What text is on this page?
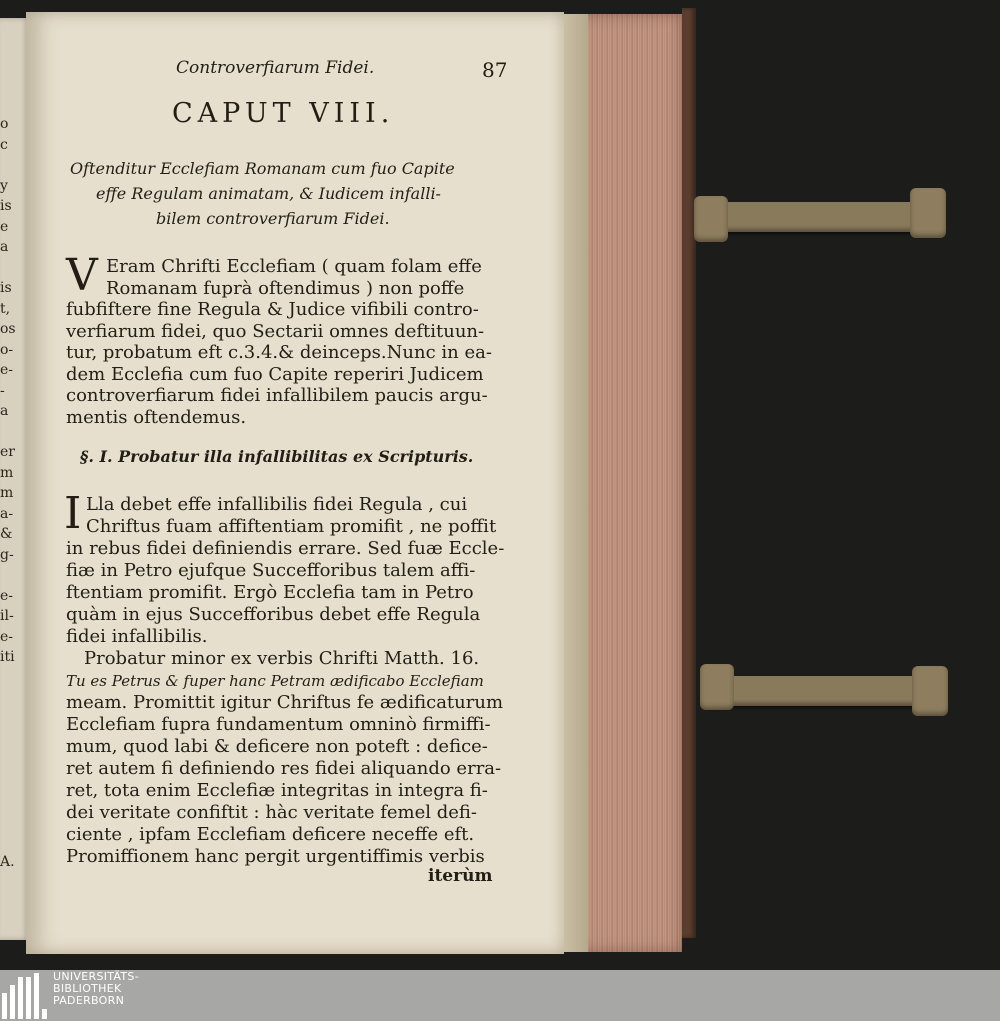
o
c
y
is
e
a
is
t,
os
o-
e-
-
a
er
m
m
a-
&
g-
e-
il-
e-
iti
A.
Controverfiarum Fidei.	87
CAPUT VIII.
Oftenditur Ecclefiam Romanam cum fuo Capite
effe Regulam animatam, & Iudicem infalli-
bilem controverfiarum Fidei.
V Eram Chrifti Ecclefiam ( quam folam effe
Romanam fuprà oftendimus ) non poffe
fubfiftere fine Regula & Judice vifibili contro-
verfiarum fidei, quo Sectarii omnes deftituun-
tur, probatum eft c.3.4.& deinceps.Nunc in ea-
dem Ecclefia cum fuo Capite reperiri Judicem
controverfiarum fidei infallibilem paucis argu-
mentis oftendemus.
§. I. Probatur illa infallibilitas ex Scripturis.
I Lla debet effe infallibilis fidei Regula , cui
Chriftus fuam affiftentiam promifit , ne poffit
in rebus fidei definiendis errare. Sed fuæ Eccle-
fiæ in Petro ejufque Succefforibus talem affi-
ftentiam promifit. Ergò Ecclefia tam in Petro
quàm in ejus Succefforibus debet effe Regula
fidei infallibilis.
Probatur minor ex verbis Chrifti Matth. 16.
Tu es Petrus & fuper hanc Petram ædificabo Ecclefiam
meam. Promittit igitur Chriftus fe ædificaturum
Ecclefiam fupra fundamentum omninò firmiffi-
mum, quod labi & deficere non poteft : defice-
ret autem fi definiendo res fidei aliquando erra-
ret, tota enim Ecclefiæ integritas in integra fi-
dei veritate confiftit : hàc veritate femel defi-
ciente , ipfam Ecclefiam deficere neceffe eft.
Promiffionem hanc pergit urgentiffimis verbis
iterùm
UNIVERSITÄTS-
BIBLIOTHEK
PADERBORN
